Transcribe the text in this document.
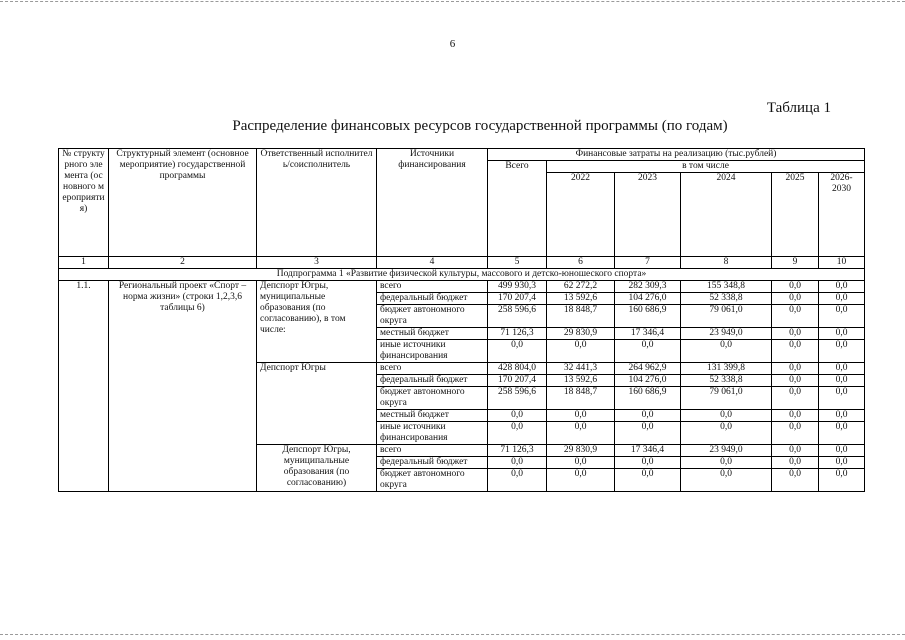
6
Таблица 1
Распределение финансовых ресурсов государственной программы (по годам)
№ структурного элемента (основного мероприятия)	Структурный элемент (основное мероприятие) государственной программы	Ответственный исполнитель/соисполнитель	Источники финансирования	Финансовые затраты на реализацию (тыс.рублей)					
				Всего	в том числе				
					2022	2023	2024	2025	2026-2030
1	2	3	4	5	6	7	8	9	10
Подпрограмма 1 «Развитие физической культуры, массового и детско-юношеского спорта»									
1.1.	Региональный проект «Спорт – норма жизни» (строки 1,2,3,6 таблицы 6)	Депспорт Югры, муниципальные образования (по согласованию), в том числе:	всего	499 930,3	62 272,2	282 309,3	155 348,8	0,0	0,0
			федеральный бюджет	170 207,4	13 592,6	104 276,0	52 338,8	0,0	0,0
			бюджет автономного округа	258 596,6	18 848,7	160 686,9	79 061,0	0,0	0,0
			местный бюджет	71 126,3	29 830,9	17 346,4	23 949,0	0,0	0,0
			иные источники финансирования	0,0	0,0	0,0	0,0	0,0	0,0
		Депспорт Югры	всего	428 804,0	32 441,3	264 962,9	131 399,8	0,0	0,0
			федеральный бюджет	170 207,4	13 592,6	104 276,0	52 338,8	0,0	0,0
			бюджет автономного округа	258 596,6	18 848,7	160 686,9	79 061,0	0,0	0,0
			местный бюджет	0,0	0,0	0,0	0,0	0,0	0,0
			иные источники финансирования	0,0	0,0	0,0	0,0	0,0	0,0
		Депспорт Югры, муниципальные образования (по согласованию)	всего	71 126,3	29 830,9	17 346,4	23 949,0	0,0	0,0
			федеральный бюджет	0,0	0,0	0,0	0,0	0,0	0,0
			бюджет автономного округа	0,0	0,0	0,0	0,0	0,0	0,0
